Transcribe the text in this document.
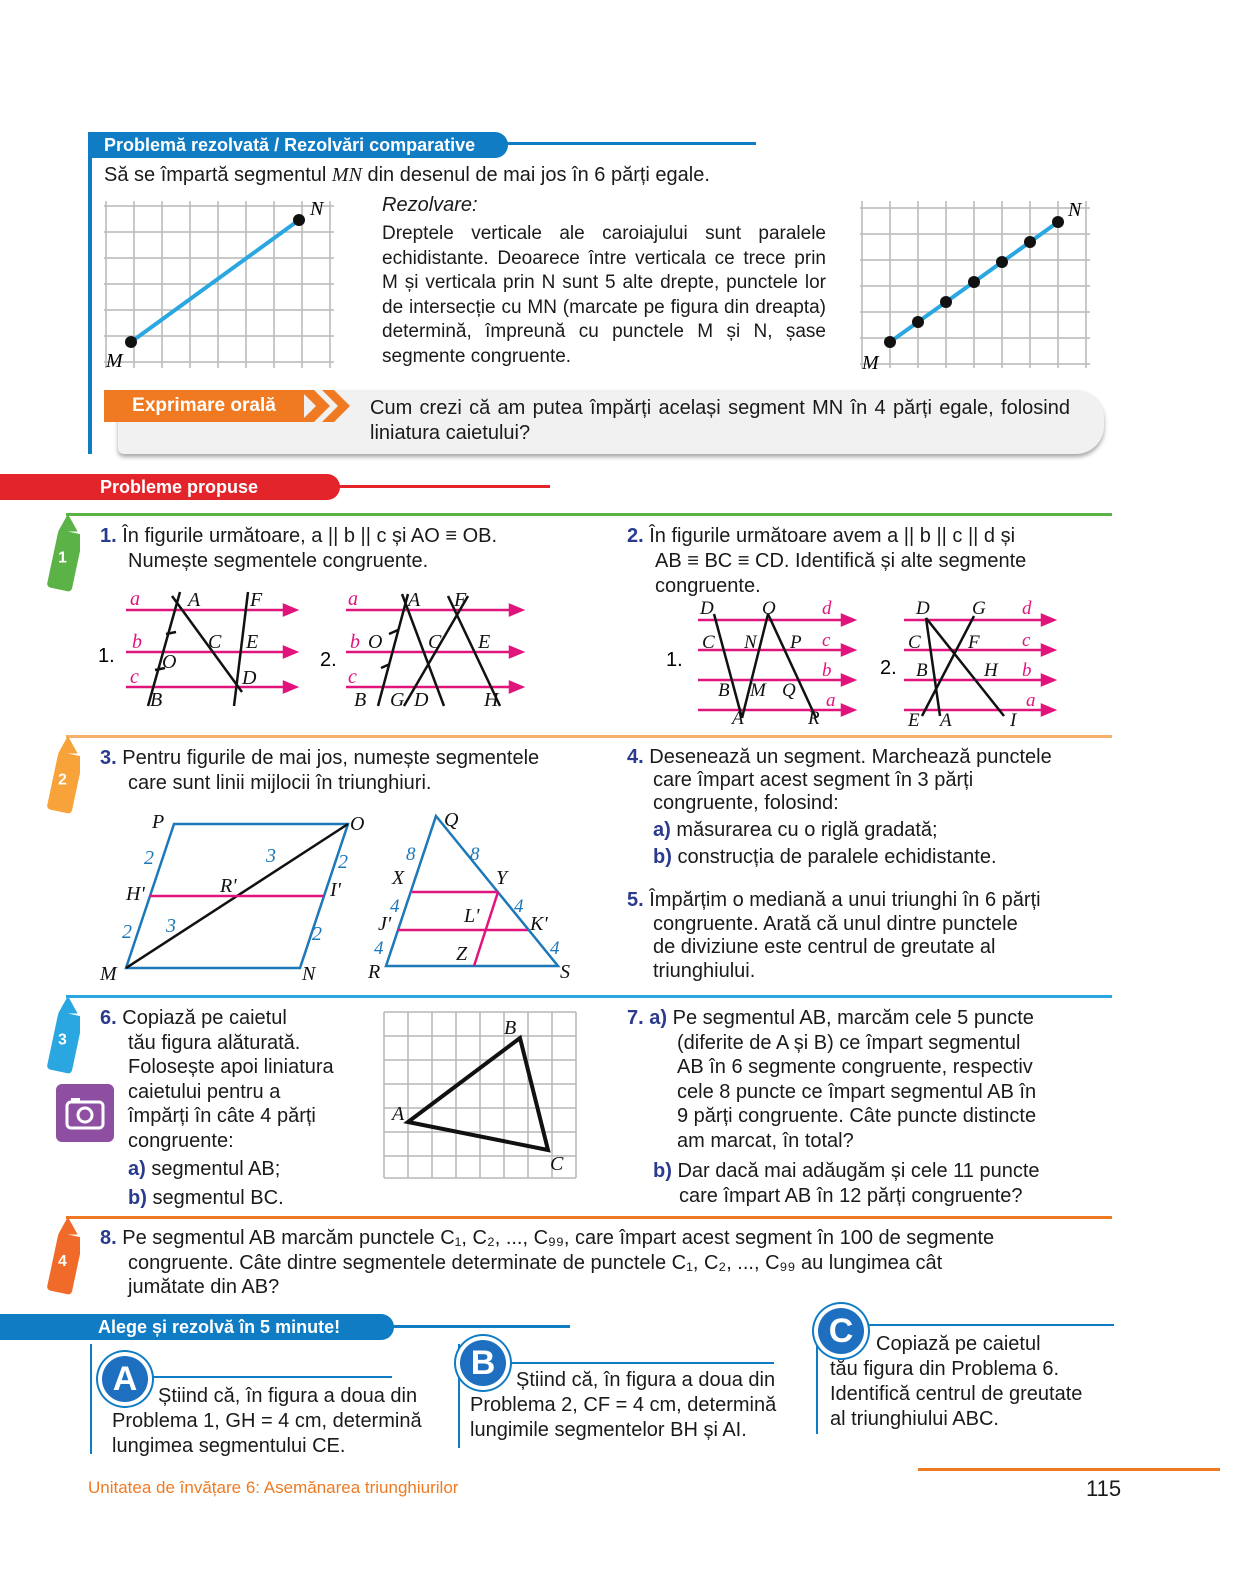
Problemă rezolvată / Rezolvări comparative
Să se împartă segmentul MN din desenul de mai jos în 6 părți egale.
M
N	Rezolvare:
Dreptele verticale ale caroiajului sunt paralele echidistante. Deoarece între verticala ce trece prin M și verticala prin N sunt 5 alte drepte, punctele lor de intersecție cu MN (marcate pe figura din dreapta) determină, împreună cu punctele M și N, șase segmente congruente.	M
N
Exprimare orală	Cum crezi că am putea împărți același segment MN în 4 părți egale, folosind liniatura caietului?
Probleme propuse
1
1. În figurile următoare, a || b || c și AO ≡ OB.
Numește segmentele congruente.
a
b
c
A F
C E
O
D
B
1.
a
b
c
A F
O C E
B G D	H
2.
2. În figurile următoare avem a || b || c || d și
AB ≡ BC ≡ CD. Identifică și alte segmente
congruente.
d
c
b
a
D	O
C N P
B M Q
A	R
1.
d
c
b
a
D G
C F
B	H
E A	I
2.
2
3. Pentru figurile de mai jos, numește segmentele
care sunt linii mijlocii în triunghiuri.
P	O
H'	R'	I'
M	N
2	2
2	2
3
3
Q
X	Y
J'	L'	K'
Z
R	S
8	8
4	4
4	4
4. Desenează un segment. Marchează punctele
care împart acest segment în 3 părți
congruente, folosind:
a) măsurarea cu o riglă gradată;
b) construcția de paralele echidistante.
5. Împărțim o mediană a unui triunghi în 6 părți
congruente. Arată că unul dintre punctele
de diviziune este centrul de greutate al
triunghiului.
3
6. Copiază pe caietul
tău figura alăturată.
Folosește apoi liniatura
caietului pentru a
împărți în câte 4 părți
congruente:
a) segmentul AB;
b) segmentul BC.
B
A
C
7. a) Pe segmentul AB, marcăm cele 5 puncte
(diferite de A și B) ce împart segmentul
AB în 6 segmente congruente, respectiv
cele 8 puncte ce împart segmentul AB în
9 părți congruente. Câte puncte distincte
am marcat, în total?
b) Dar dacă mai adăugăm și cele 11 puncte
care împart AB în 12 părți congruente?
4
8. Pe segmentul AB marcăm punctele C₁, C₂, ..., C₉₉, care împart acest segment în 100 de segmente
congruente. Câte dintre segmentele determinate de punctele C₁, C₂, ..., C₉₉ au lungimea cât
jumătate din AB?
Alege și rezolvă în 5 minute!
A	Știind că, în figura a doua din
Problema 1, GH = 4 cm, determină
lungimea segmentului CE.
B	Știind că, în figura a doua din
Problema 2, CF = 4 cm, determină
lungimile segmentelor BH și AI.
C	Copiază pe caietul
tău figura din Problema 6.
Identifică centrul de greutate
al triunghiului ABC.
Unitatea de învățare 6: Asemănarea triunghiurilor	115
